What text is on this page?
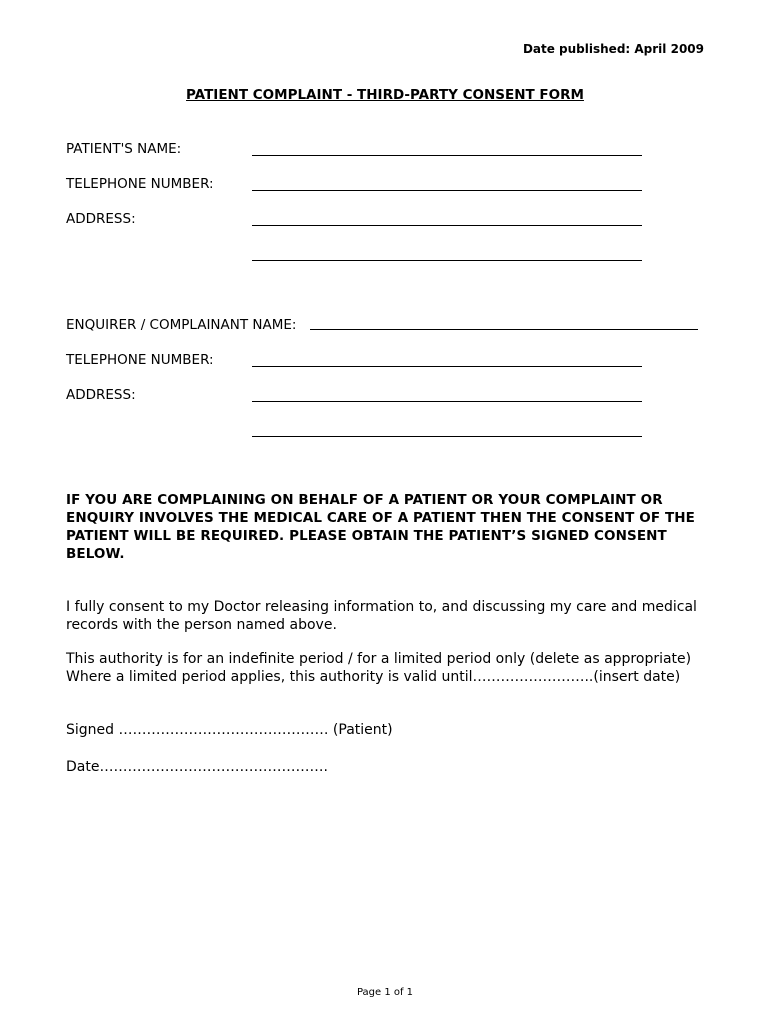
Date published: April 2009
PATIENT COMPLAINT - THIRD-PARTY CONSENT FORM
PATIENT'S NAME:
TELEPHONE NUMBER:
ADDRESS:
ENQUIRER / COMPLAINANT NAME:
TELEPHONE NUMBER:
ADDRESS:
IF YOU ARE COMPLAINING ON BEHALF OF A PATIENT OR YOUR COMPLAINT OR ENQUIRY INVOLVES THE MEDICAL CARE OF A PATIENT THEN THE CONSENT OF THE PATIENT WILL BE REQUIRED. PLEASE OBTAIN THE PATIENT’S SIGNED CONSENT BELOW.
I fully consent to my Doctor releasing information to, and discussing my care and medical records with the person named above.
This authority is for an indefinite period / for a limited period only (delete as appropriate)
Where a limited period applies, this authority is valid until……………………..(insert date)
Signed ……………………………………… (Patient)
Date………………………………………….
Page 1 of 1
